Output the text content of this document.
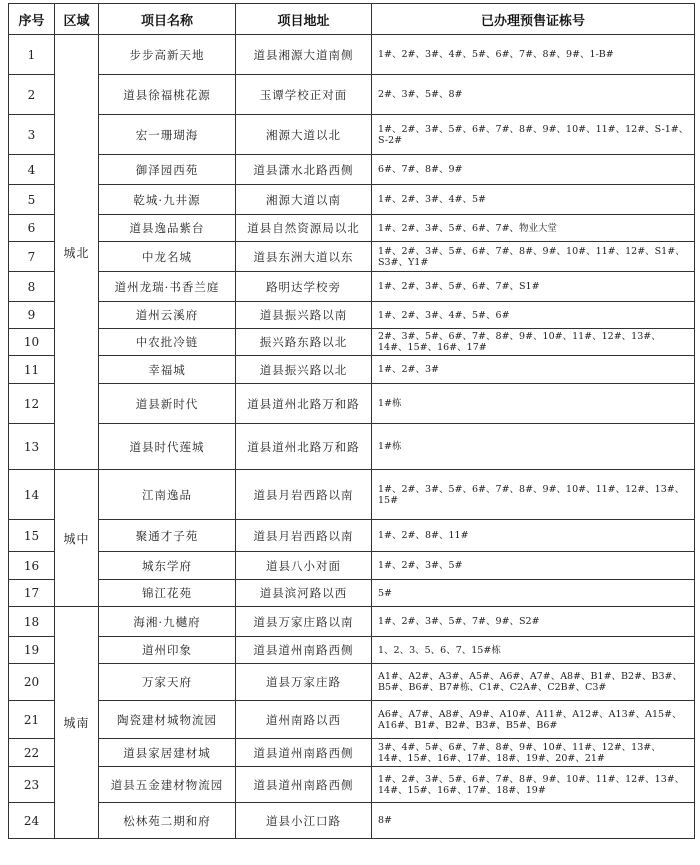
序号	区域	项目名称	项目地址	已办理预售证栋号
1	城北	步步高新天地	道县湘源大道南侧	1#、2#、3#、4#、5#、6#、7#、8#、9#、1-B#
2		道县徐福桃花源	玉谭学校正对面	2#、3#、5#、8#
3		宏一珊瑚海	湘源大道以北	1#、2#、3#、5#、6#、7#、8#、9#、10#、11#、12#、S-1#、S-2#
4		御泽园西苑	道县潇水北路西侧	6#、7#、8#、9#
5		乾城·九井源	湘源大道以南	1#、2#、3#、4#、5#
6		道县逸品紫台	道县自然资源局以北	1#、2#、3#、5#、6#、7#、物业大堂
7		中龙名城	道县东洲大道以东	1#、2#、3#、5#、6#、7#、8#、9#、10#、11#、12#、S1#、S3#、Y1#
8		道州龙瑞·书香兰庭	路明达学校旁	1#、2#、3#、5#、6#、7#、S1#
9		道州云溪府	道县振兴路以南	1#、2#、3#、4#、5#、6#
10		中农批冷链	振兴路东路以北	2#、3#、5#、6#、7#、8#、9#、10#、11#、12#、13#、14#、15#、16#、17#
11		幸福城	道县振兴路以北	1#、2#、3#
12		道县新时代	道县道州北路万和路	1#栋
13		道县时代莲城	道县道州北路万和路	1#栋
14	城中	江南逸品	道县月岩西路以南	1#、2#、3#、5#、6#、7#、8#、9#、10#、11#、12#、13#、15#
15		聚通才子苑	道县月岩西路以南	1#、2#、8#、11#
16		城东学府	道县八小对面	1#、2#、3#、5#
17		锦江花苑	道县滨河路以西	5#
18	城南	海湘·九樾府	道县万家庄路以南	1#、2#、3#、5#、7#、9#、S2#
19		道州印象	道县道州南路西侧	1、2、3、5、6、7、15#栋
20		万家天府	道县万家庄路	A1#、A2#、A3#、A5#、A6#、A7#、A8#、B1#、B2#、B3#、B5#、B6#、B7#栋、C1#、C2A#、C2B#、C3#
21		陶瓷建材城物流园	道州南路以西	A6#、A7#、A8#、A9#、A10#、A11#、A12#、A13#、A15#、A16#、B1#、B2#、B3#、B5#、B6#
22		道县家居建材城	道县道州南路西侧	3#、4#、5#、6#、7#、8#、9#、10#、11#、12#、13#、14#、15#、16#、17#、18#、19#、20#、21#
23		道县五金建材物流园	道县道州南路西侧	1#、2#、3#、5#、6#、7#、8#、9#、10#、11#、12#、13#、14#、15#、16#、17#、18#、19#
24		松林苑二期和府	道县小江口路	8#
